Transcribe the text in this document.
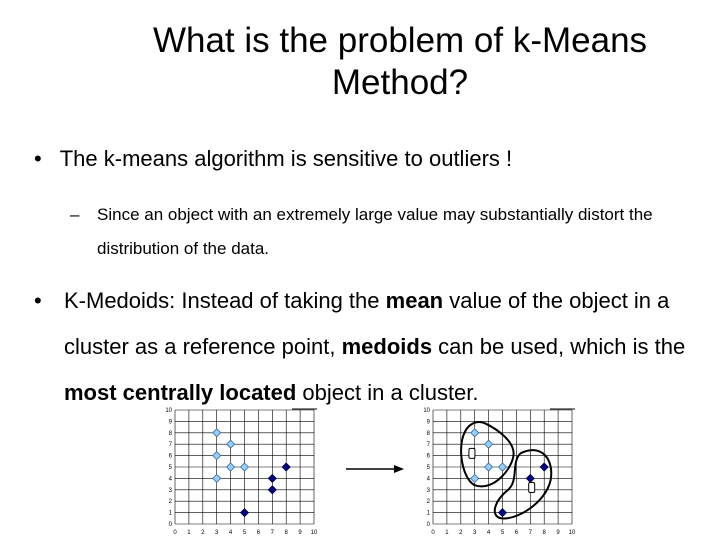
What is the problem of k-Means
Method?
• The k-means algorithm is sensitive to outliers !
– Since an object with an extremely large value may substantially distort the distribution of the data.
• K-Medoids: Instead of taking the mean value of the object in a cluster as a reference point, medoids can be used, which is the most centrally located object in a cluster.
0 1 2 3 4 5 6 7 8 9 10
0
1
2
3
4
5
6
7
8
9
10
0 1 2 3 4 5 6 7 8 9 10
0
1
2
3
4
5
6
7
8
9
10
